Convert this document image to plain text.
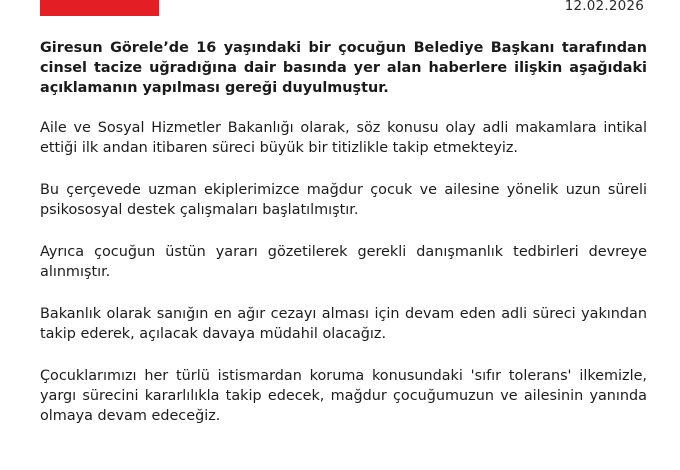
12.02.2026

Giresun Görele’de 16 yaşındaki bir çocuğun Belediye Başkanı tarafından cinsel tacize uğradığına dair basında yer alan haberlere ilişkin aşağıdaki açıklamanın yapılması gereği duyulmuştur.

Aile ve Sosyal Hizmetler Bakanlığı olarak, söz konusu olay adli makamlara intikal ettiği ilk andan itibaren süreci büyük bir titizlikle takip etmekteyiz.

Bu çerçevede uzman ekiplerimizce mağdur çocuk ve ailesine yönelik uzun süreli psikososyal destek çalışmaları başlatılmıştır.

Ayrıca çocuğun üstün yararı gözetilerek gerekli danışmanlık tedbirleri devreye alınmıştır.

Bakanlık olarak sanığın en ağır cezayı alması için devam eden adli süreci yakından takip ederek, açılacak davaya müdahil olacağız.

Çocuklarımızı her türlü istismardan koruma konusundaki 'sıfır tolerans' ilkemizle, yargı sürecini kararlılıkla takip edecek, mağdur çocuğumuzun ve ailesinin yanında olmaya devam edeceğiz.
